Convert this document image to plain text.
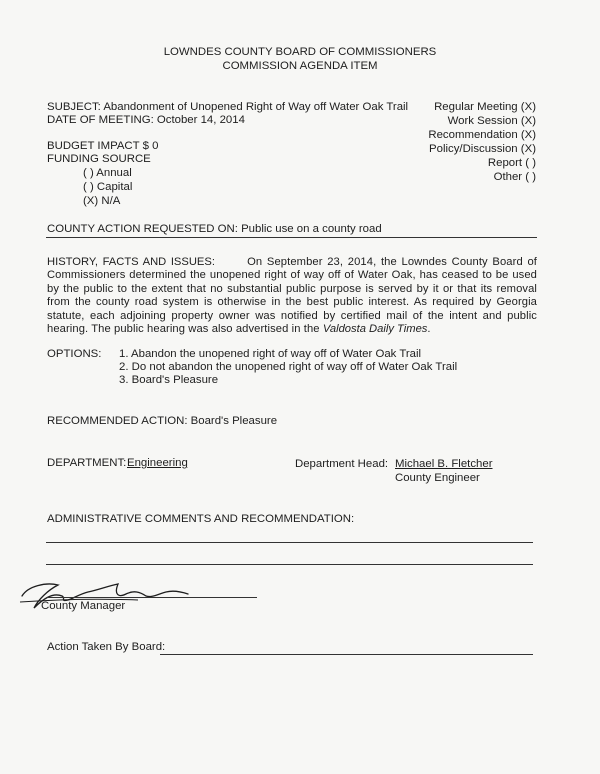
LOWNDES COUNTY BOARD OF COMMISSIONERS
COMMISSION AGENDA ITEM
SUBJECT: Abandonment of Unopened Right of Way off Water Oak Trail
DATE OF MEETING: October 14, 2014
Regular Meeting (X)
Work Session (X)
Recommendation (X)
Policy/Discussion (X)
Report ( )
Other ( )
BUDGET IMPACT $ 0
FUNDING SOURCE
( ) Annual
( ) Capital
(X) N/A
COUNTY ACTION REQUESTED ON: Public use on a county road
HISTORY, FACTS AND ISSUES:	On September 23, 2014, the Lowndes County Board of Commissioners determined the unopened right of way off of Water Oak, has ceased to be used by the public to the extent that no substantial public purpose is served by it or that its removal from the county road system is otherwise in the best public interest. As required by Georgia statute, each adjoining property owner was notified by certified mail of the intent and public hearing. The public hearing was also advertised in the Valdosta Daily Times.
OPTIONS: 1. Abandon the unopened right of way off of Water Oak Trail
2. Do not abandon the unopened right of way off of Water Oak Trail
3. Board's Pleasure
RECOMMENDED ACTION: Board's Pleasure
DEPARTMENT: Engineering	Department Head: Michael B. Fletcher
County Engineer
ADMINISTRATIVE COMMENTS AND RECOMMENDATION:
County Manager
Action Taken By Board:
